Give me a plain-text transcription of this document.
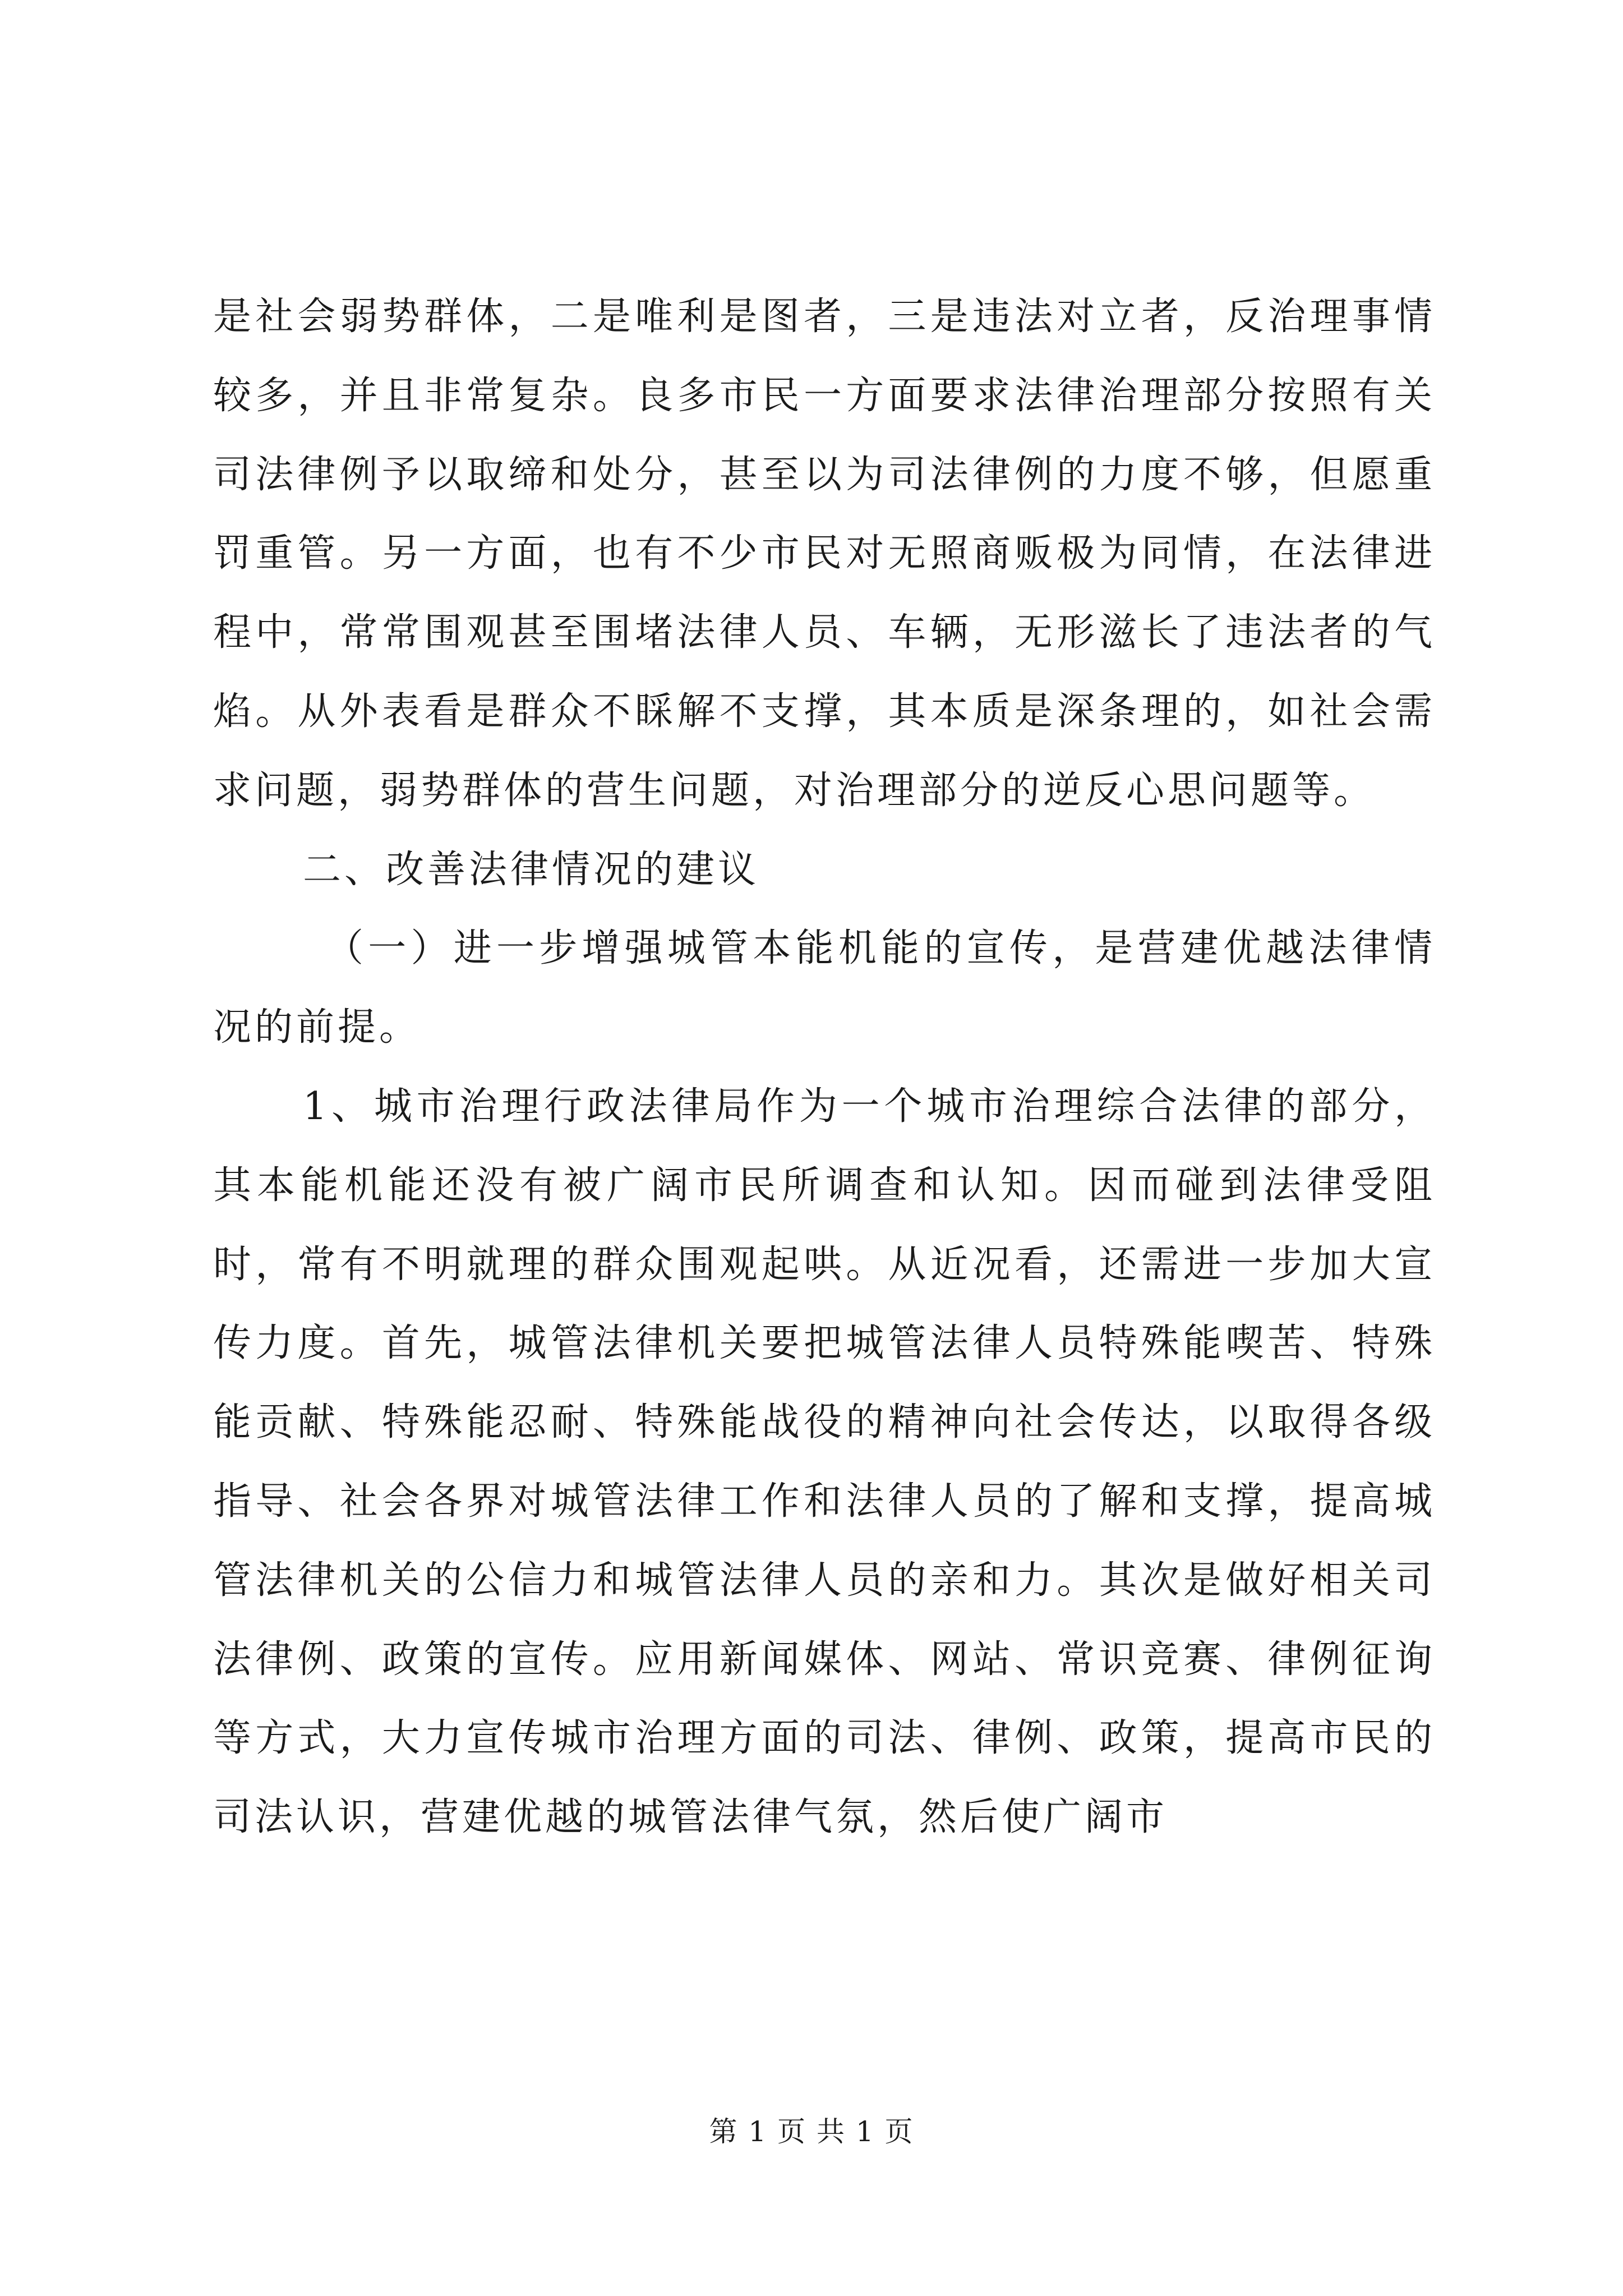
是社会弱势群体，二是唯利是图者，三是违法对立者，反治理事情较多，并且非常复杂。良多市民一方面要求法律治理部分按照有关司法律例予以取缔和处分，甚至以为司法律例的力度不够，但愿重罚重管。另一方面，也有不少市民对无照商贩极为同情，在法律进程中，常常围观甚至围堵法律人员、车辆，无形滋长了违法者的气焰。从外表看是群众不睬解不支撑，其本质是深条理的，如社会需求问题，弱势群体的营生问题，对治理部分的逆反心思问题等。

二、改善法律情况的建议

（一）进一步增强城管本能机能的宣传，是营建优越法律情况的前提。

1、城市治理行政法律局作为一个城市治理综合法律的部分，其本能机能还没有被广阔市民所调查和认知。因而碰到法律受阻时，常有不明就理的群众围观起哄。从近况看，还需进一步加大宣传力度。首先，城管法律机关要把城管法律人员特殊能喫苦、特殊能贡献、特殊能忍耐、特殊能战役的精神向社会传达，以取得各级指导、社会各界对城管法律工作和法律人员的了解和支撑，提高城管法律机关的公信力和城管法律人员的亲和力。其次是做好相关司法律例、政策的宣传。应用新闻媒体、网站、常识竞赛、律例征询等方式，大力宣传城市治理方面的司法、律例、政策，提高市民的司法认识，营建优越的城管法律气氛，然后使广阔市

第 1 页 共 1 页
